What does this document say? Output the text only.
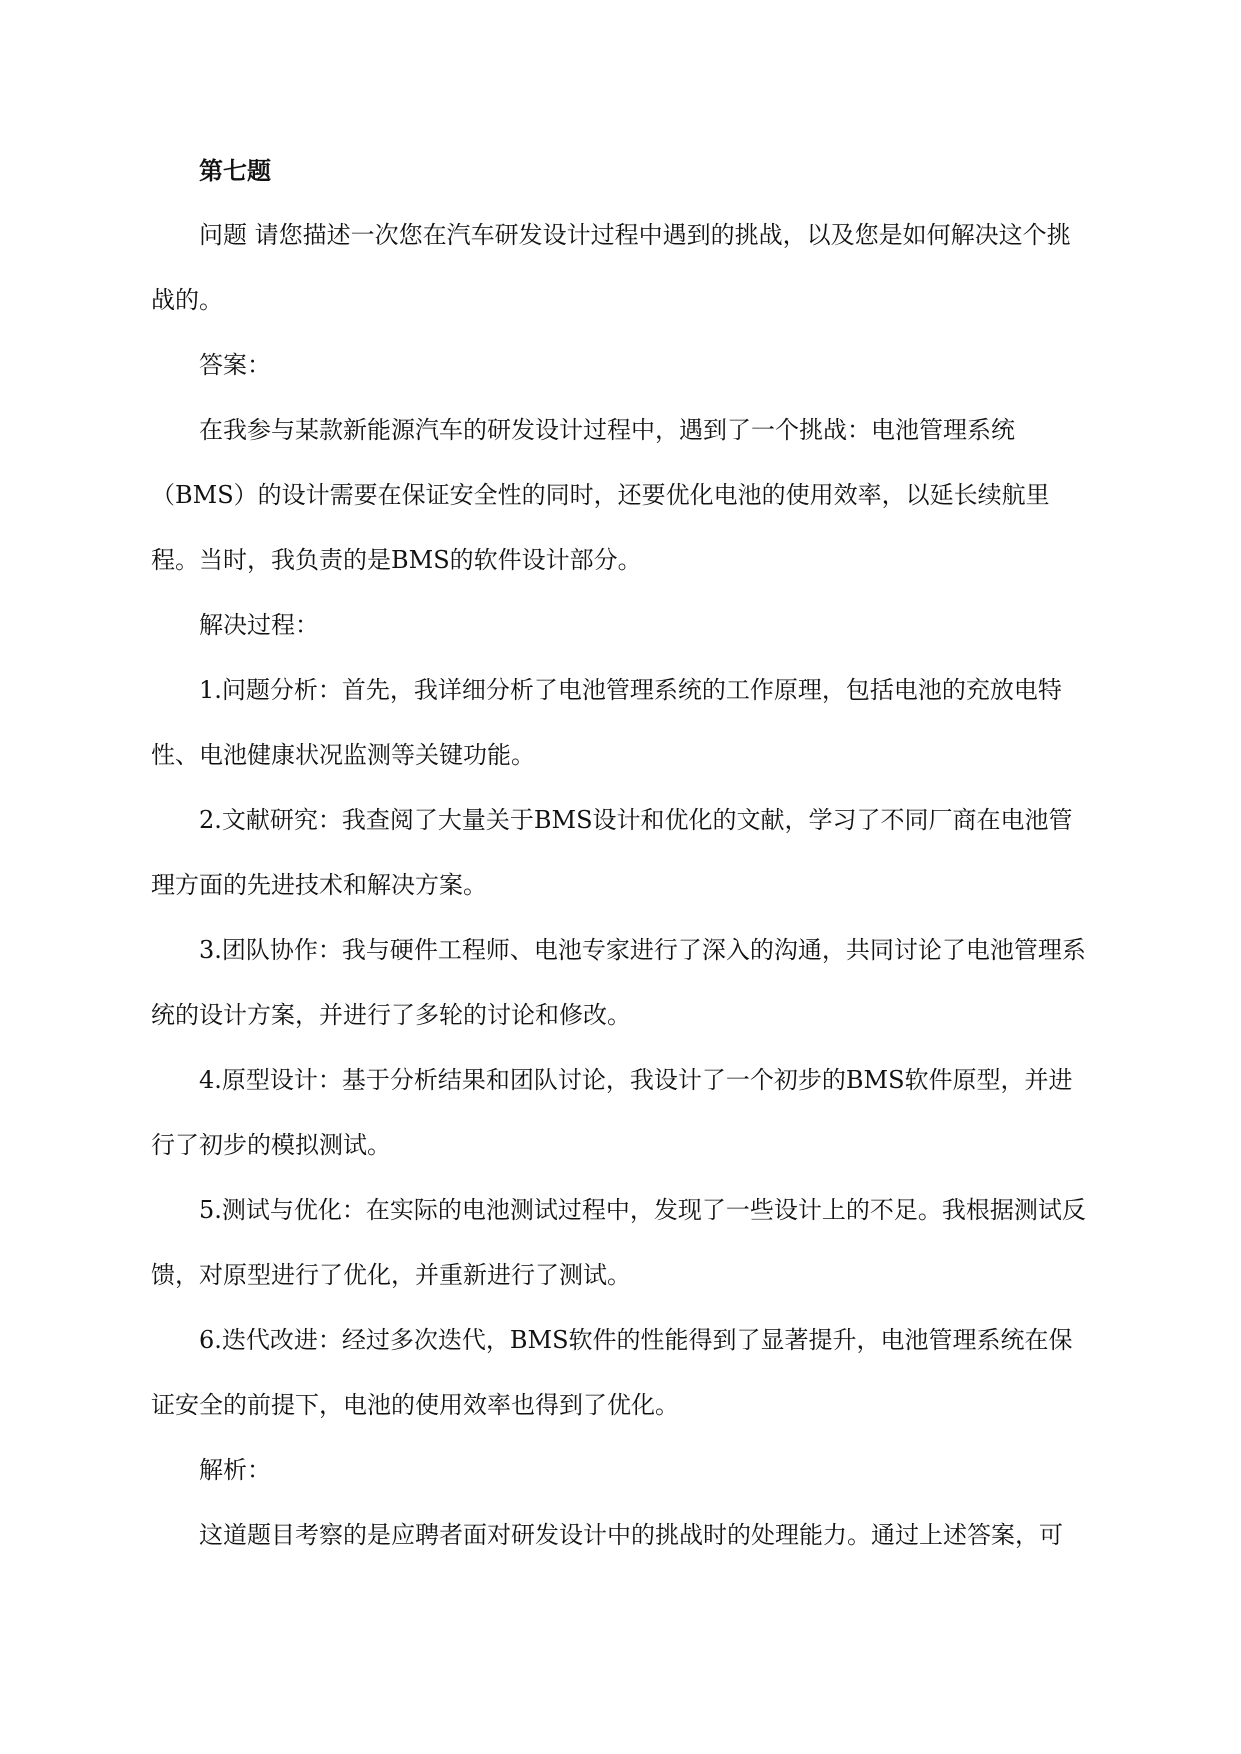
第七题

问题 请您描述一次您在汽车研发设计过程中遇到的挑战，以及您是如何解决这个挑战的。

答案：

在我参与某款新能源汽车的研发设计过程中，遇到了一个挑战：电池管理系统（BMS）的设计需要在保证安全性的同时，还要优化电池的使用效率，以延长续航里程。当时，我负责的是BMS的软件设计部分。

解决过程：

1.问题分析：首先，我详细分析了电池管理系统的工作原理，包括电池的充放电特性、电池健康状况监测等关键功能。

2.文献研究：我查阅了大量关于BMS设计和优化的文献，学习了不同厂商在电池管理方面的先进技术和解决方案。

3.团队协作：我与硬件工程师、电池专家进行了深入的沟通，共同讨论了电池管理系统的设计方案，并进行了多轮的讨论和修改。

4.原型设计：基于分析结果和团队讨论，我设计了一个初步的BMS软件原型，并进行了初步的模拟测试。

5.测试与优化：在实际的电池测试过程中，发现了一些设计上的不足。我根据测试反馈，对原型进行了优化，并重新进行了测试。

6.迭代改进：经过多次迭代，BMS软件的性能得到了显著提升，电池管理系统在保证安全的前提下，电池的使用效率也得到了优化。

解析：

这道题目考察的是应聘者面对研发设计中的挑战时的处理能力。通过上述答案，可
